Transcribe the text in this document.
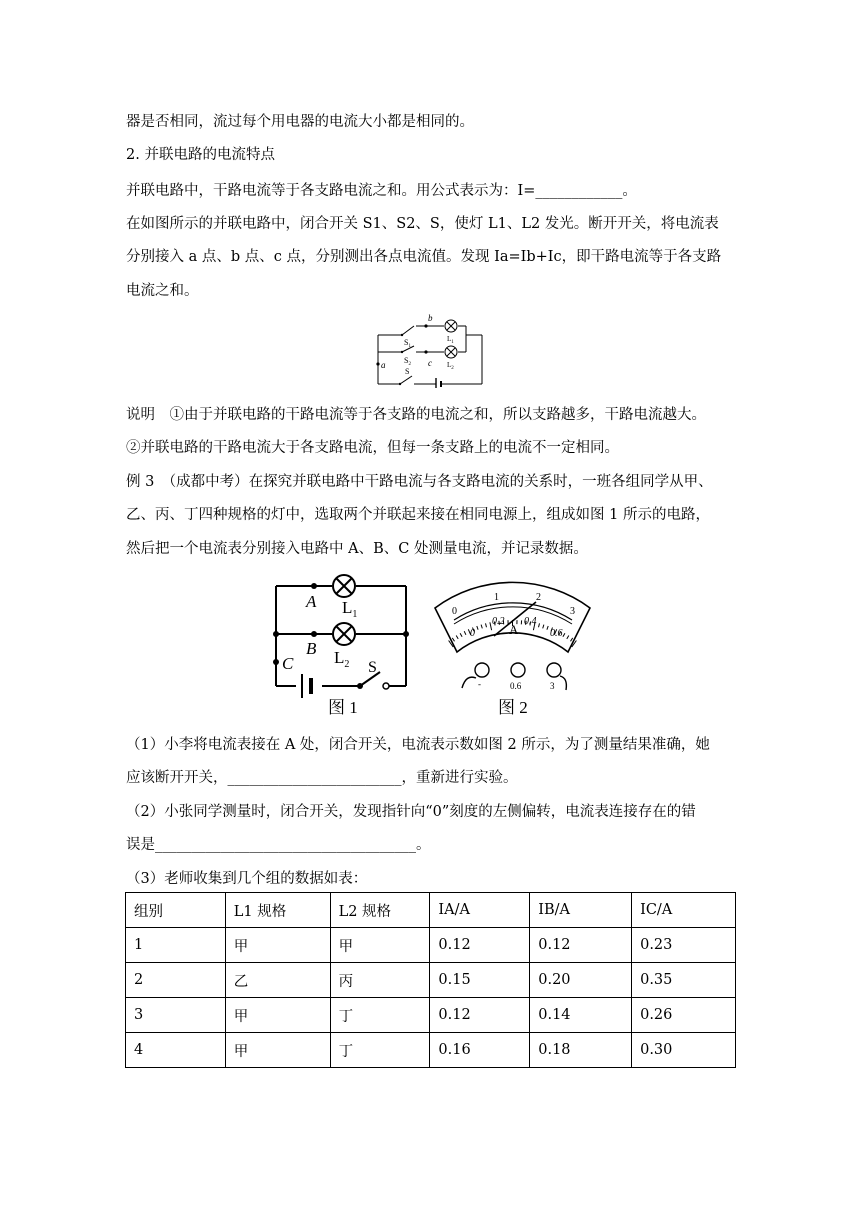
器是否相同，流过每个用电器的电流大小都是相同的。
2. 并联电路的电流特点
并联电路中，干路电流等于各支路电流之和。用公式表示为：I=____________。
在如图所示的并联电路中，闭合开关 S1、S2、S，使灯 L1、L2 发光。断开开关，将电流表
分别接入 a 点、b 点、c 点，分别测出各点电流值。发现 Ia=Ib+Ic，即干路电流等于各支路
电流之和。
b
c
a
$S_1$
$S_2$
S
$L_1$
$L_2$
说明　①由于并联电路的干路电流等于各支路的电流之和，所以支路越多，干路电流越大。
②并联电路的干路电流大于各支路电流，但每一条支路上的电流不一定相同。
例 3　（成都中考）在探究并联电路中干路电流与各支路电流的关系时，一班各组同学从甲、
乙、丙、丁四种规格的灯中，选取两个并联起来接在相同电源上，组成如图 1 所示的电路，
然后把一个电流表分别接入电路中 A、B、C 处测量电流，并记录数据。
A
B
C	S
$L_1$
$L_2$
图 1
0
1	2
3
0
0.2 0.4
0.6
A
-	0.6	3
图 2
（1）小李将电流表接在 A 处，闭合开关，电流表示数如图 2 所示，为了测量结果准确，她
应该断开开关，________________________，重新进行实验。
（2）小张同学测量时，闭合开关，发现指针向“0”刻度的左侧偏转，电流表连接存在的错
误是____________________________________。
（3）老师收集到几个组的数据如表：
组别	L1 规格	L2 规格	IA/A	IB/A	IC/A
1	甲	甲	0.12	0.12	0.23
2	乙	丙	0.15	0.20	0.35
3	甲	丁	0.12	0.14	0.26
4	甲	丁	0.16	0.18	0.30
